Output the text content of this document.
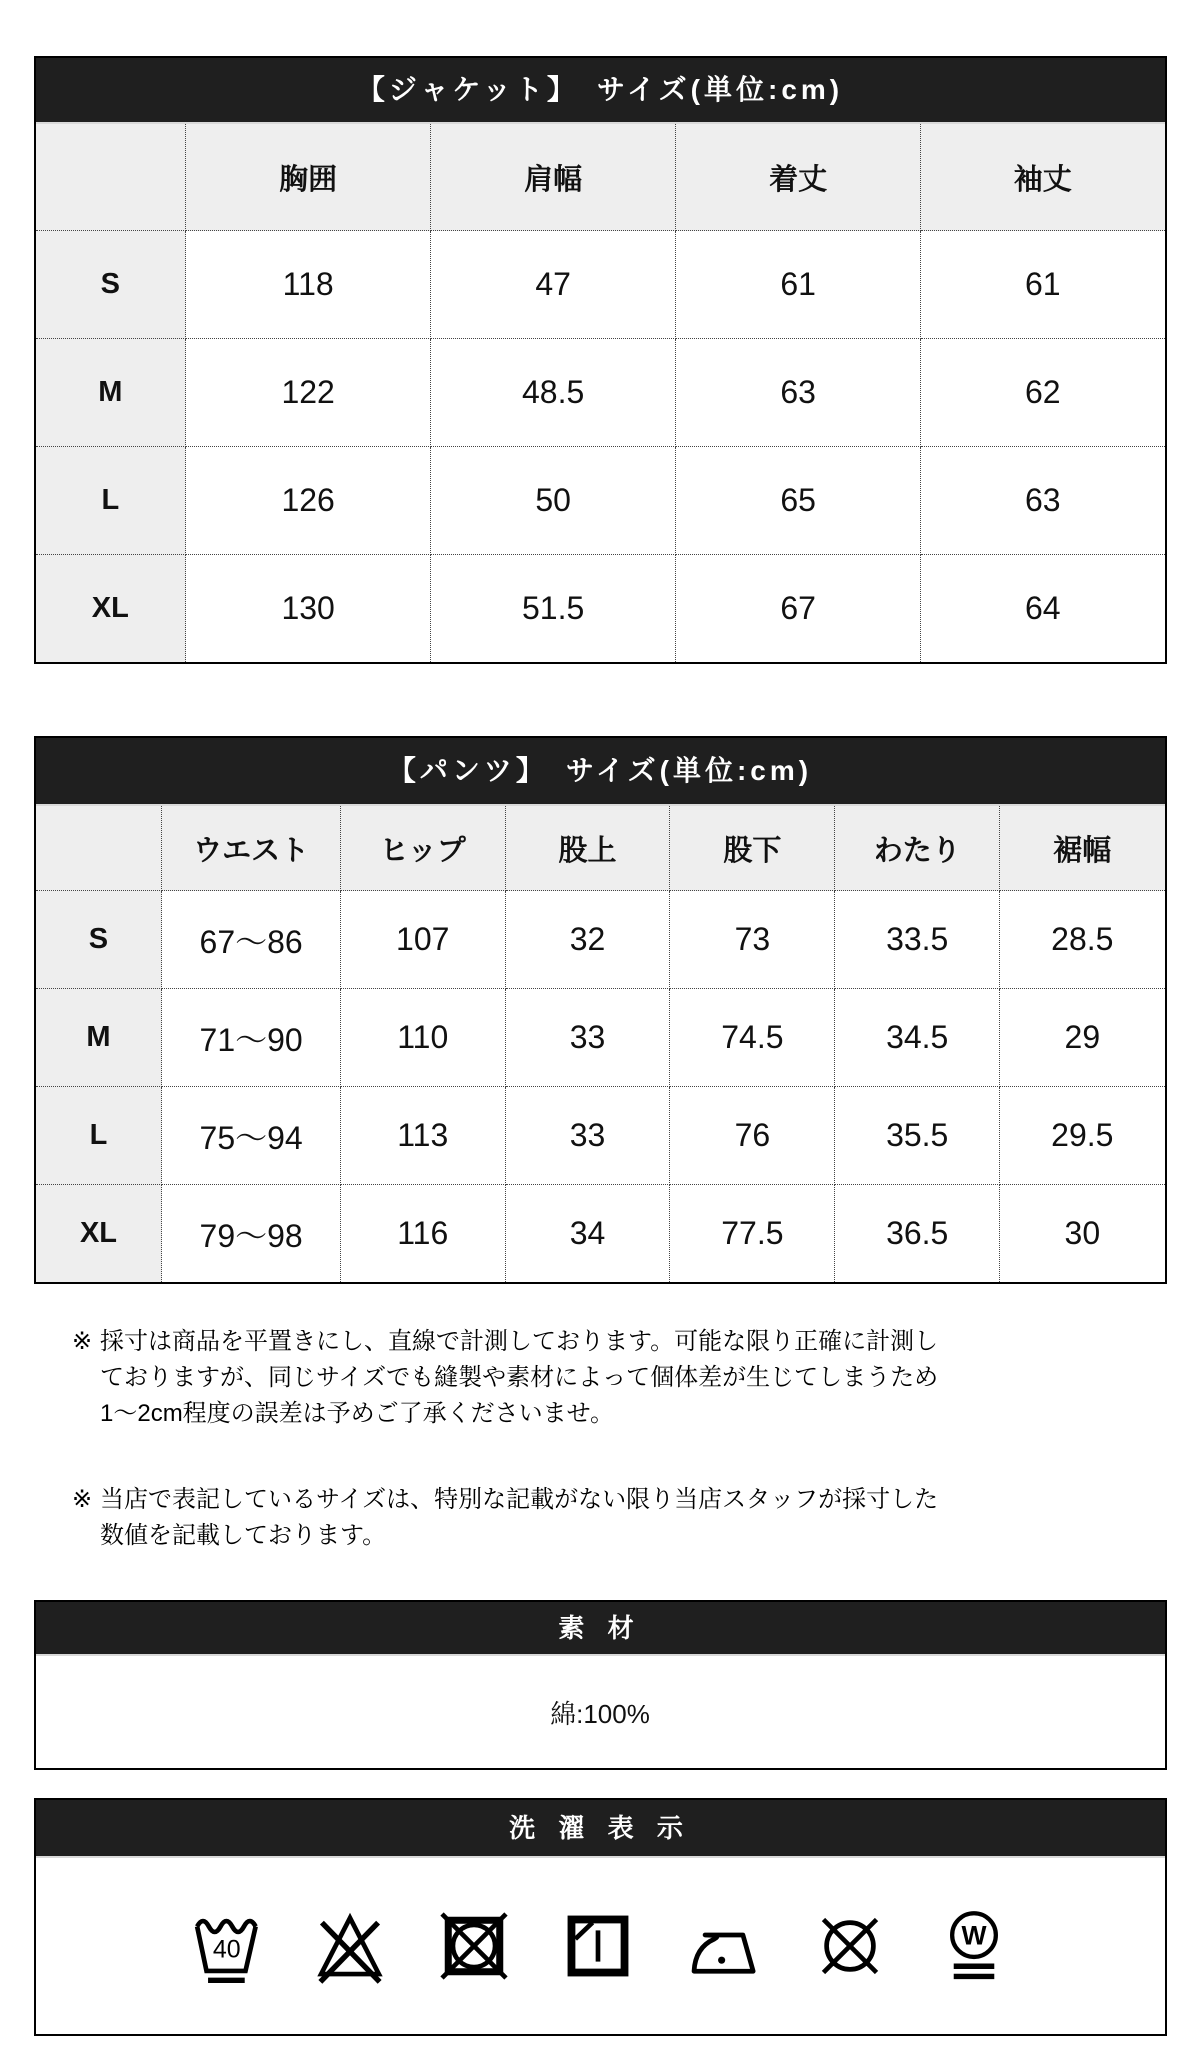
【ジャケット】　サイズ(単位:cm)
	胸囲	肩幅	着丈	袖丈
S	118	47	61	61
M	122	48.5	63	62
L	126	50	65	63
XL	130	51.5	67	64
【パンツ】　サイズ(単位:cm)
	ウエスト	ヒップ	股上	股下	わたり	裾幅
S	67〜86	107	32	73	33.5	28.5
M	71〜90	110	33	74.5	34.5	29
L	75〜94	113	33	76	35.5	29.5
XL	79〜98	116	34	77.5	36.5	30
※ 採寸は商品を平置きにし、直線で計測しております。可能な限り正確に計測し
ておりますが、同じサイズでも縫製や素材によって個体差が生じてしまうため
1〜2cm程度の誤差は予めご了承くださいませ。
※ 当店で表記しているサイズは、特別な記載がない限り当店スタッフが採寸した
数値を記載しております。
素 材
綿:100%
洗 濯 表 示
40	W
